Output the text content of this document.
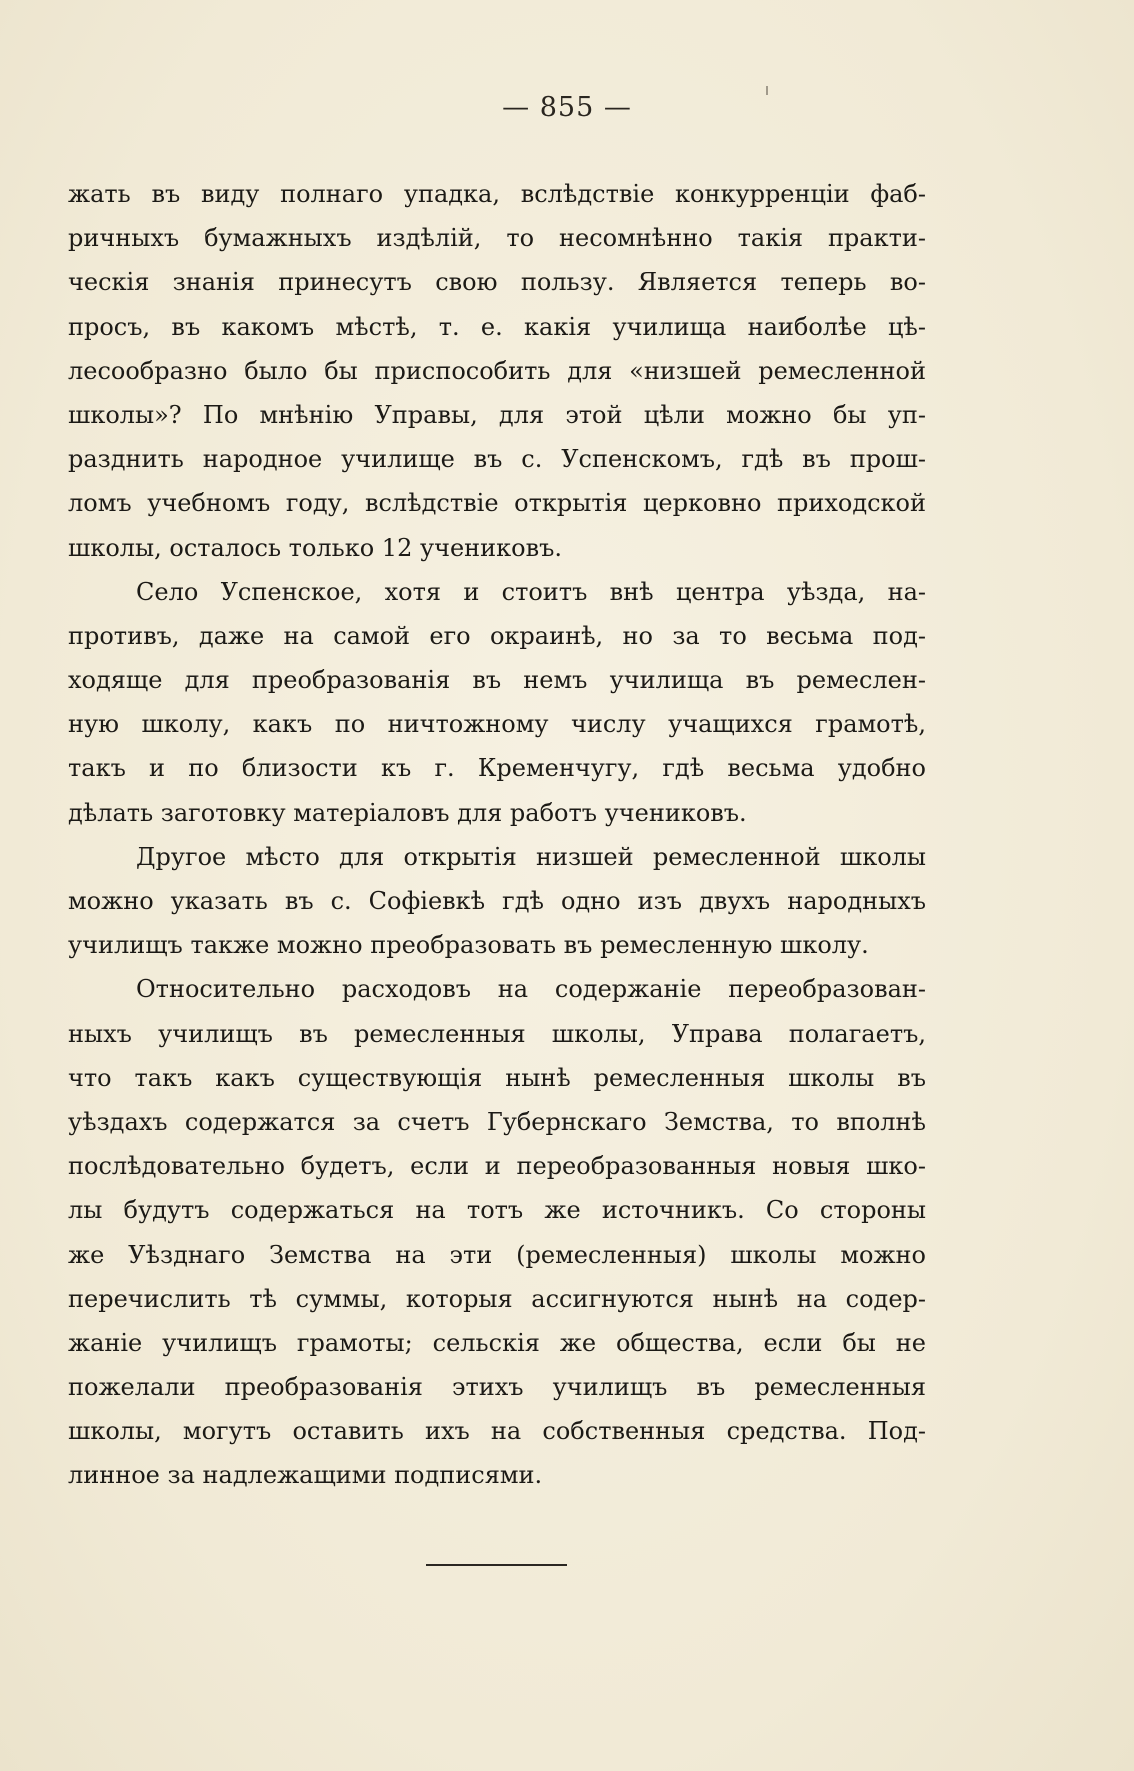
— 855 —
жать въ виду полнаго упадка, вслѣдствіе конкурренціи фаб-
ричныхъ бумажныхъ издѣлій, то несомнѣнно такія практи-
ческія знанія принесутъ свою пользу. Является теперь во-
просъ, въ какомъ мѣстѣ, т. е. какія училища наиболѣе цѣ-
лесообразно было бы приспособить для «низшей ремесленной
школы»? По мнѣнію Управы, для этой цѣли можно бы уп-
разднить народное училище въ с. Успенскомъ, гдѣ въ прош-
ломъ учебномъ году, вслѣдствіе открытія церковно приходской
школы, осталось только 12 учениковъ.
Село Успенское, хотя и стоитъ внѣ центра уѣзда, на-
противъ, даже на самой его окраинѣ, но за то весьма под-
ходяще для преобразованія въ немъ училища въ ремеслен-
ную школу, какъ по ничтожному числу учащихся грамотѣ,
такъ и по близости къ г. Кременчугу, гдѣ весьма удобно
дѣлать заготовку матеріаловъ для работъ учениковъ.
Другое мѣсто для открытія низшей ремесленной школы
можно указать въ с. Софіевкѣ гдѣ одно изъ двухъ народныхъ
училищъ также можно преобразовать въ ремесленную школу.
Относительно расходовъ на содержаніе переобразован-
ныхъ училищъ въ ремесленныя школы, Управа полагаетъ,
что такъ какъ существующія нынѣ ремесленныя школы въ
уѣздахъ содержатся за счетъ Губернскаго Земства, то вполнѣ
послѣдовательно будетъ, если и переобразованныя новыя шко-
лы будутъ содержаться на тотъ же источникъ. Со стороны
же Уѣзднаго Земства на эти (ремесленныя) школы можно
перечислить тѣ суммы, которыя ассигнуются нынѣ на содер-
жаніе училищъ грамоты; сельскія же общества, если бы не
пожелали преобразованія этихъ училищъ въ ремесленныя
школы, могутъ оставить ихъ на собственныя средства. Под-
линное за надлежащими подписями.
